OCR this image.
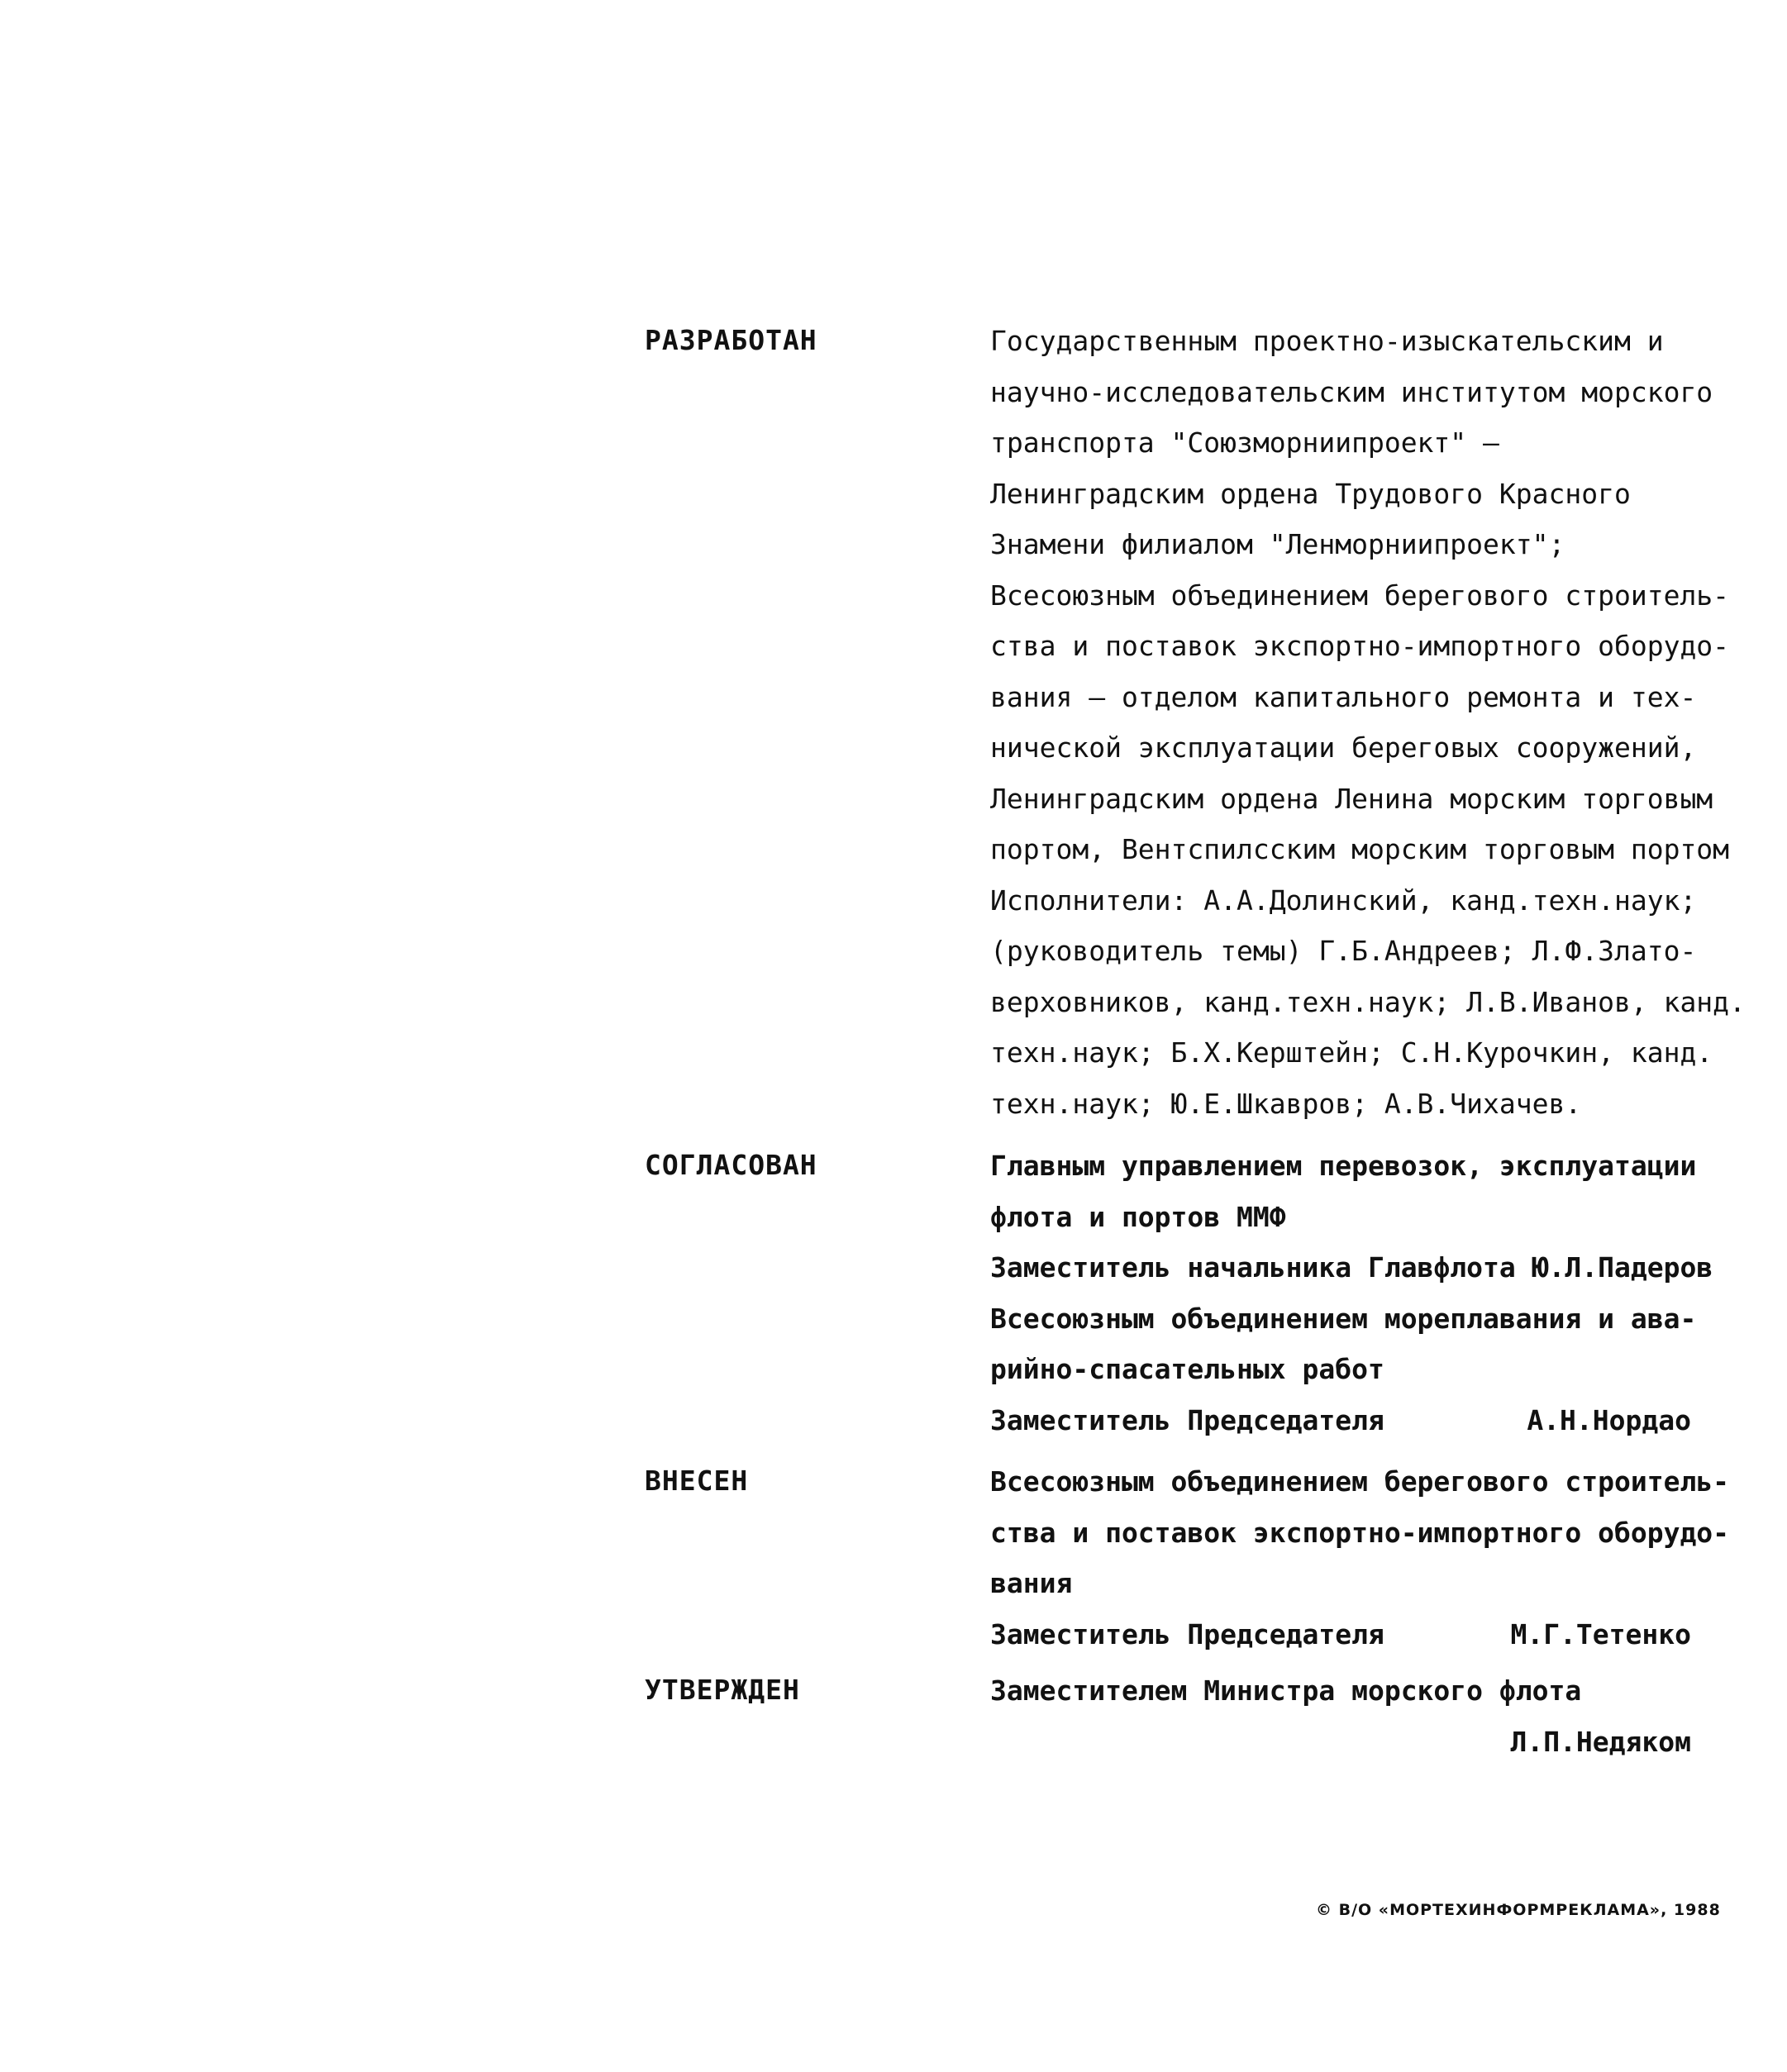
РАЗРАБОТАН	Государственным проектно-изыскательским и
научно-исследовательским институтом морского
транспорта "Союзморниипроект" –
Ленинградским ордена Трудового Красного
Знамени филиалом "Ленморниипроект";
Всесоюзным объединением берегового строитель-
ства и поставок экспортно-импортного оборудо-
вания – отделом капитального ремонта и тех-
нической эксплуатации береговых сооружений,
Ленинградским ордена Ленина морским торговым
портом, Вентспилсским морским торговым портом
Исполнители: А.А.Долинский, канд.техн.наук;
(руководитель темы) Г.Б.Андреев; Л.Ф.Злато-
верховников, канд.техн.наук; Л.В.Иванов, канд.
техн.наук; Б.Х.Керштейн; С.Н.Курочкин, канд.
техн.наук; Ю.Е.Шкавров; А.В.Чихачев.
СОГЛАСОВАН	Главным управлением перевозок, эксплуатации
флота и портов ММФ
Заместитель начальника Главфлота Ю.Л.Падеров
Всесоюзным объединением мореплавания и ава-
рийно-спасательных работ
Заместитель Председателя	А.Н.Нордао
ВНЕСЕН	Всесоюзным объединением берегового строитель-
ства и поставок экспортно-импортного оборудо-
вания
Заместитель Председателя	М.Г.Тетенко
УТВЕРЖДЕН	Заместителем Министра морского флота
Л.П.Недяком
© В/О «МОРТЕХИНФОРМРЕКЛАМА», 1988
